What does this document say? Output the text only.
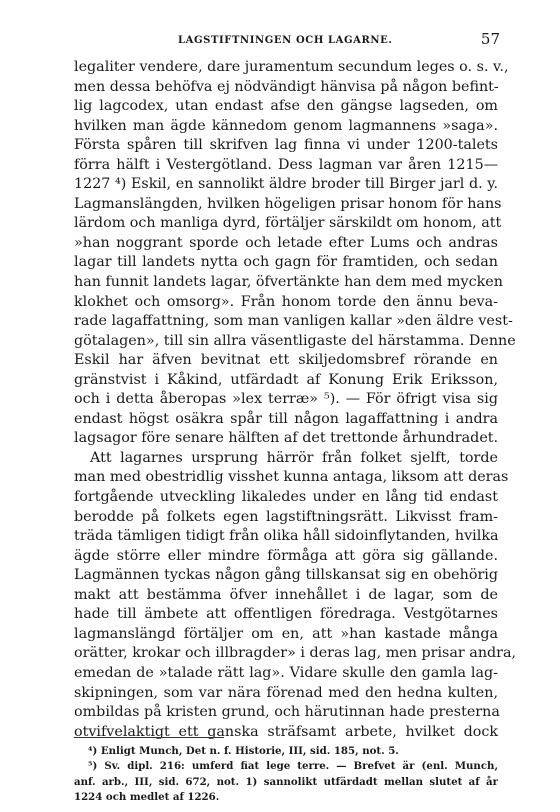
LAGSTIFTNINGEN OCH LAGARNE.	57
legaliter vendere, dare juramentum secundum leges o. s. v.,
men dessa behöfva ej nödvändigt hänvisa på någon befint-
lig lagcodex, utan endast afse den gängse lagseden, om
hvilken man ägde kännedom genom lagmannens »saga».
Första spåren till skrifven lag finna vi under 1200-talets
förra hälft i Vestergötland. Dess lagman var åren 1215—
1227 ⁴) Eskil, en sannolikt äldre broder till Birger jarl d. y.
Lagmanslängden, hvilken högeligen prisar honom för hans
lärdom och manliga dyrd, förtäljer särskildt om honom, att
»han noggrant sporde och letade efter Lums och andras
lagar till landets nytta och gagn för framtiden, och sedan
han funnit landets lagar, öfvertänkte han dem med mycken
klokhet och omsorg». Från honom torde den ännu beva-
rade lagaffattning, som man vanligen kallar »den äldre vest-
götalagen», till sin allra väsentligaste del härstamma. Denne
Eskil har äfven bevitnat ett skiljedomsbref rörande en
gränstvist i Kåkind, utfärdadt af Konung Erik Eriksson,
och i detta åberopas »lex terræ» ⁵). — För öfrigt visa sig
endast högst osäkra spår till någon lagaffattning i andra
lagsagor före senare hälften af det trettonde århundradet.
Att lagarnes ursprung härrör från folket sjelft, torde
man med obestridlig visshet kunna antaga, liksom att deras
fortgående utveckling likaledes under en lång tid endast
berodde på folkets egen lagstiftningsrätt. Likvisst fram-
träda tämligen tidigt från olika håll sidoinflytanden, hvilka
ägde större eller mindre förmåga att göra sig gällande.
Lagmännen tyckas någon gång tillskansat sig en obehörig
makt att bestämma öfver innehållet i de lagar, som de
hade till ämbete att offentligen föredraga. Vestgötarnes
lagmanslängd förtäljer om en, att »han kastade många
orätter, krokar och illbragder» i deras lag, men prisar andra,
emedan de »talade rätt lag». Vidare skulle den gamla lag-
skipningen, som var nära förenad med den hedna kulten,
ombildas på kristen grund, och härutinnan hade presterna
otvifvelaktigt ett ganska sträfsamt arbete, hvilket dock
⁴) Enligt Munch, Det n. f. Historie, III, sid. 185, not. 5.
⁵) Sv. dipl. 216: umferd fiat lege terre. — Brefvet är (enl. Munch,
anf. arb., III, sid. 672, not. 1) sannolikt utfärdadt mellan slutet af år
1224 och medlet af 1226.
